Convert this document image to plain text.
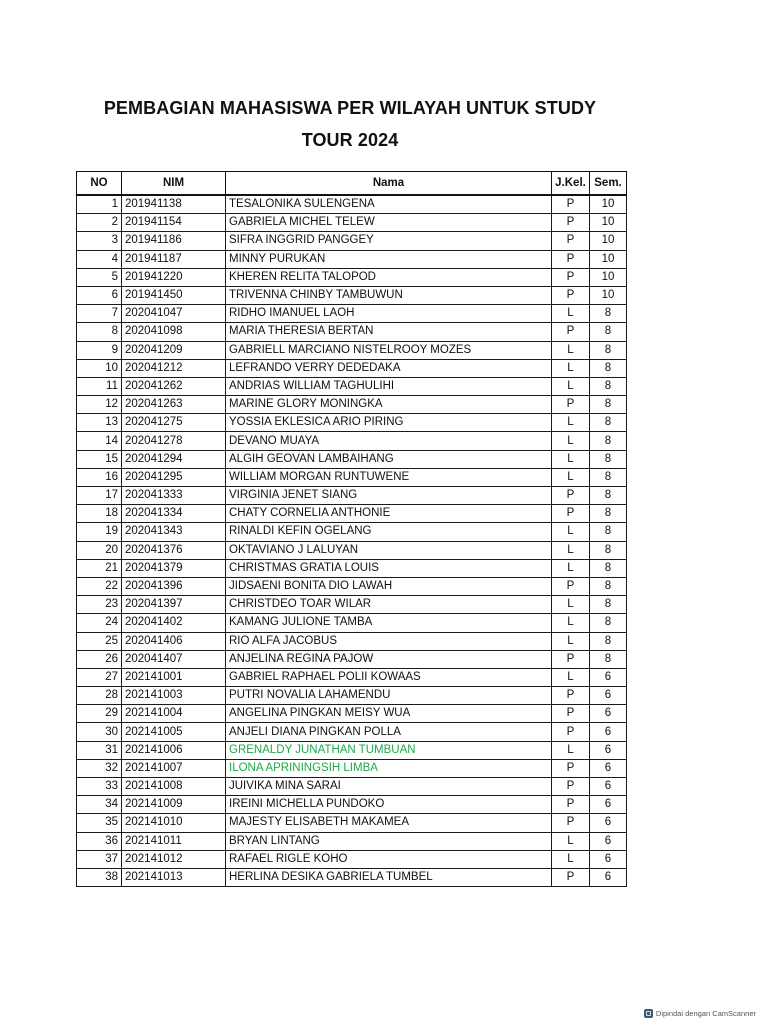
PEMBAGIAN MAHASISWA PER WILAYAH UNTUK STUDY
TOUR 2024
NO	NIM	Nama	J.Kel.	Sem.
1	201941138	TESALONIKA SULENGENA	P	10
2	201941154	GABRIELA MICHEL TELEW	P	10
3	201941186	SIFRA INGGRID PANGGEY	P	10
4	201941187	MINNY PURUKAN	P	10
5	201941220	KHEREN RELITA TALOPOD	P	10
6	201941450	TRIVENNA CHINBY TAMBUWUN	P	10
7	202041047	RIDHO IMANUEL LAOH	L	8
8	202041098	MARIA THERESIA BERTAN	P	8
9	202041209	GABRIELL MARCIANO NISTELROOY MOZES	L	8
10	202041212	LEFRANDO VERRY DEDEDAKA	L	8
11	202041262	ANDRIAS WILLIAM TAGHULIHI	L	8
12	202041263	MARINE GLORY MONINGKA	P	8
13	202041275	YOSSIA EKLESICA ARIO PIRING	L	8
14	202041278	DEVANO MUAYA	L	8
15	202041294	ALGIH GEOVAN LAMBAIHANG	L	8
16	202041295	WILLIAM MORGAN RUNTUWENE	L	8
17	202041333	VIRGINIA JENET SIANG	P	8
18	202041334	CHATY CORNELIA ANTHONIE	P	8
19	202041343	RINALDI KEFIN OGELANG	L	8
20	202041376	OKTAVIANO J LALUYAN	L	8
21	202041379	CHRISTMAS GRATIA LOUIS	L	8
22	202041396	JIDSAENI BONITA DIO LAWAH	P	8
23	202041397	CHRISTDEO TOAR WILAR	L	8
24	202041402	KAMANG JULIONE TAMBA	L	8
25	202041406	RIO ALFA JACOBUS	L	8
26	202041407	ANJELINA REGINA PAJOW	P	8
27	202141001	GABRIEL RAPHAEL POLII KOWAAS	L	6
28	202141003	PUTRI NOVALIA LAHAMENDU	P	6
29	202141004	ANGELINA PINGKAN MEISY WUA	P	6
30	202141005	ANJELI DIANA PINGKAN POLLA	P	6
31	202141006	GRENALDY JUNATHAN TUMBUAN	L	6
32	202141007	ILONA APRININGSIH LIMBA	P	6
33	202141008	JUIVIKA MINA SARAI	P	6
34	202141009	IREINI MICHELLA PUNDOKO	P	6
35	202141010	MAJESTY ELISABETH MAKAMEA	P	6
36	202141011	BRYAN LINTANG	L	6
37	202141012	RAFAEL RIGLE KOHO	L	6
38	202141013	HERLINA DESIKA GABRIELA TUMBEL	P	6
Dipindai dengan CamScanner
